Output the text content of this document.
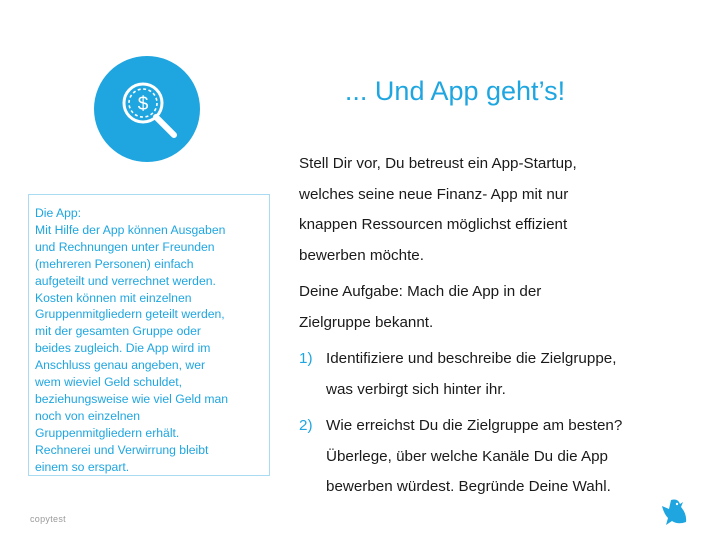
$	... Und App geht’s!

Die App:

Mit Hilfe der App können Ausgaben

und Rechnungen unter Freunden

(mehreren Personen) einfach

aufgeteilt und verrechnet werden.

Kosten können mit einzelnen

Gruppenmitgliedern geteilt werden,

mit der gesamten Gruppe oder

beides zugleich. Die App wird im

Anschluss genau angeben, wer

wem wieviel Geld schuldet,

beziehungsweise wie viel Geld man

noch von einzelnen

Gruppenmitgliedern erhält.

Rechnerei und Verwirrung bleibt

einem so erspart.

Stell Dir vor, Du betreust ein App-Startup,

welches seine neue Finanz- App mit nur

knappen Ressourcen möglichst effizient

bewerben möchte.

Deine Aufgabe: Mach die App in der

Zielgruppe bekannt.

1) Identifiziere und beschreibe die Zielgruppe,

was verbirgt sich hinter ihr.

2) Wie erreichst Du die Zielgruppe am besten?

Überlege, über welche Kanäle Du die App

bewerben würdest. Begründe Deine Wahl.

copytest
